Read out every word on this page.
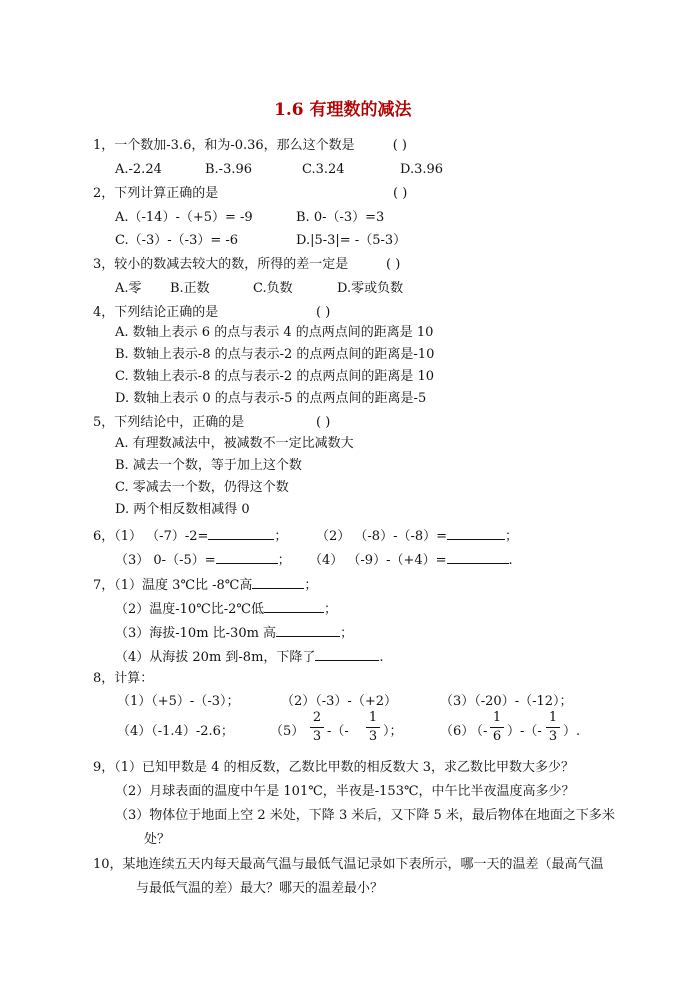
1.6 有理数的减法
1，一个数加-3.6，和为-0.36，那么这个数是	( )
A.-2.24	B.-3.96	C.3.24	D.3.96
2，下列计算正确的是	( )
A.（-14）-（+5）= -9	B. 0-（-3）=3
C.（-3）-（-3）= -6	D.|5-3|= -（5-3）
3，较小的数减去较大的数，所得的差一定是	( )
A.零 B.正数	C.负数	D.零或负数
4，下列结论正确的是	( )
A. 数轴上表示 6 的点与表示 4 的点两点间的距离是 10
B. 数轴上表示-8 的点与表示-2 的点两点间的距离是-10
C. 数轴上表示-8 的点与表示-2 的点两点间的距离是 10
D. 数轴上表示 0 的点与表示-5 的点两点间的距离是-5
5，下列结论中，正确的是	( )
A. 有理数减法中，被减数不一定比减数大
B. 减去一个数，等于加上这个数
C. 零减去一个数，仍得这个数
D. 两个相反数相减得 0
6，（1） （-7）-2=	； （2） （-8）-（-8）=	；
（3） 0-（-5）=	； （4） （-9）-（+4）=	.
7，（1）温度 3℃比 -8℃高	；
（2）温度-10℃比-2℃低	；
（3）海拔-10m 比-30m 高	；
（4）从海拔 20m 到-8m，下降了	.
8，计算：
（1）（+5）-（-3）；	（2）（-3）-（+2）	（3）（-20）-（-12）；
（4）（-1.4）-2.6；	（5）
2
3 -（-
1
3 ）；	（6）
（-
1
6 ）-（-
1
3 ）.
9，（1）已知甲数是 4 的相反数，乙数比甲数的相反数大 3，求乙数比甲数大多少？
（2）月球表面的温度中午是 101℃，半夜是-153℃，中午比半夜温度高多少？
（3）物体位于地面上空 2 米处，下降 3 米后，又下降 5 米，最后物体在地面之下多米
处？
10，某地连续五天内每天最高气温与最低气温记录如下表所示，哪一天的温差（最高气温
与最低气温的差）最大？哪天的温差最小？
